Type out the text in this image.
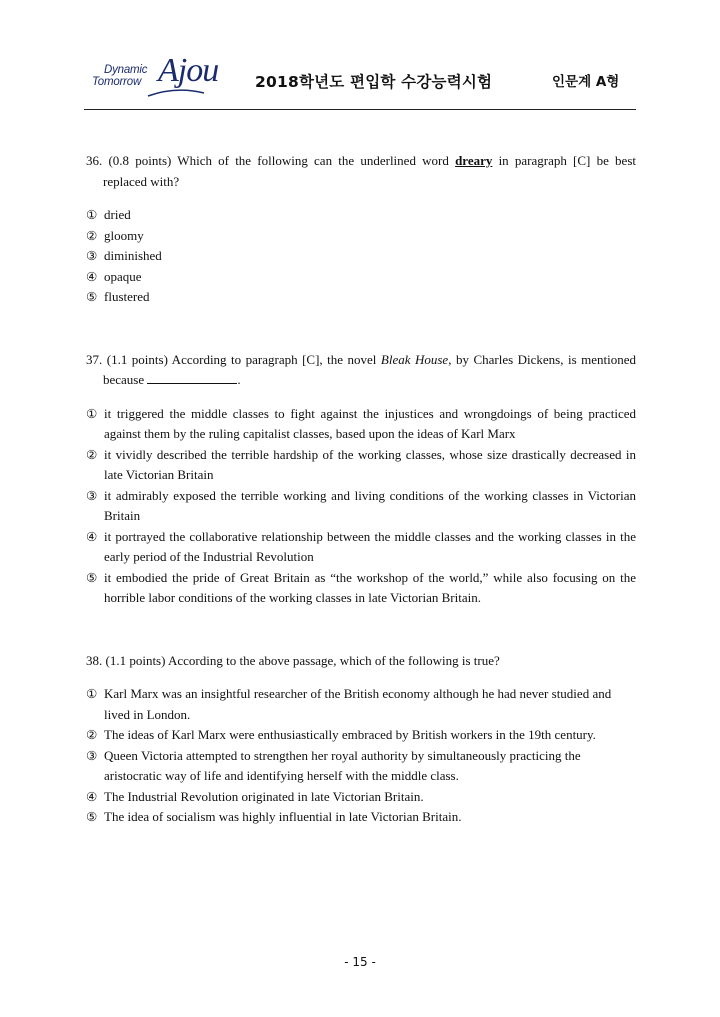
Dynamic
Tomorrow Ajou 2018학년도 편입학 수강능력시험	인문계 A형

36. (0.8 points) Which of the following can the underlined word dreary in paragraph [C] be best replaced with?

① dried
② gloomy
③ diminished
④ opaque
⑤ flustered

37. (1.1 points) According to paragraph [C], the novel Bleak House, by Charles Dickens, is mentioned because	.

① it triggered the middle classes to fight against the injustices and wrongdoings of being practiced against them by the ruling capitalist classes, based upon the ideas of Karl Marx
② it vividly described the terrible hardship of the working classes, whose size drastically decreased in late Victorian Britain
③ it admirably exposed the terrible working and living conditions of the working classes in Victorian Britain
④ it portrayed the collaborative relationship between the middle classes and the working classes in the early period of the Industrial Revolution
⑤ it embodied the pride of Great Britain as “the workshop of the world,” while also focusing on the horrible labor conditions of the working classes in late Victorian Britain.

38. (1.1 points) According to the above passage, which of the following is true?

① Karl Marx was an insightful researcher of the British economy although he had never studied and lived in London.
② The ideas of Karl Marx were enthusiastically embraced by British workers in the 19th century.
③ Queen Victoria attempted to strengthen her royal authority by simultaneously practicing the aristocratic way of life and identifying herself with the middle class.
④ The Industrial Revolution originated in late Victorian Britain.
⑤ The idea of socialism was highly influential in late Victorian Britain.
- 15 -
